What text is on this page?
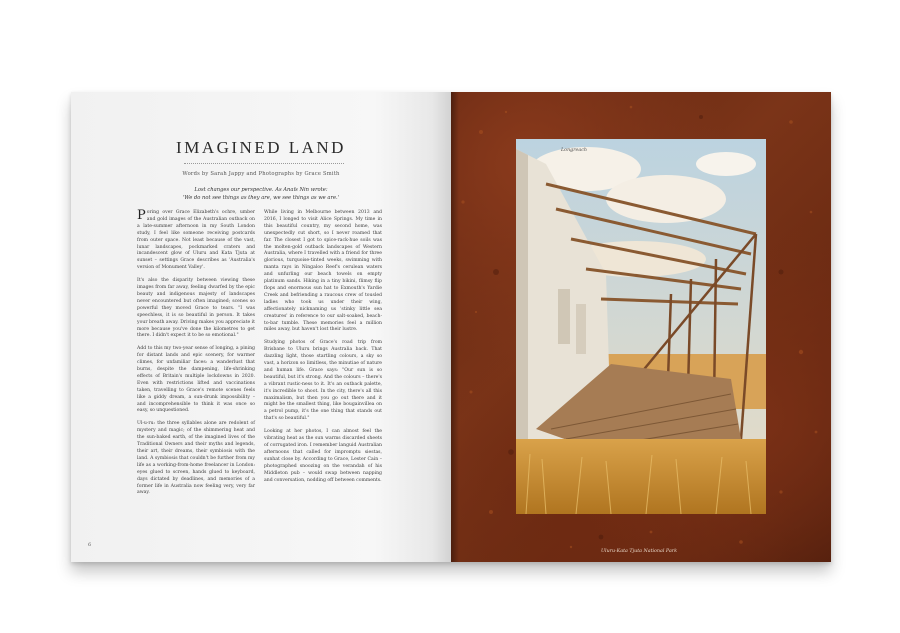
IMAGINED LAND
Words by Sarah Jappy and Photographs by Grace Smith
Lost changes our perspective. As Anaïs Nin wrote:
'We do not see things as they are, we see things as we are.'

Poring over Grace Elizabeth's ochre, umber and gold images of the Australian outback on a late-summer afternoon in my South London study, I feel like someone receiving postcards from outer space. Not least because of the vast, lunar landscapes, pockmarked craters and incandescent glow of Uluru and Kata Tjuta at sunset – settings Grace describes as 'Australia's version of Monument Valley'.

It's also the disparity between viewing these images from far away, feeling dwarfed by the epic beauty and indigenous majesty of landscapes never encountered but often imagined; scenes so powerful they moved Grace to tears. "I was speechless, it is so beautiful in person. It takes your breath away. Driving makes you appreciate it more because you've done the kilometres to get there. I didn't expect it to be so emotional."

Add to this my two-year sense of longing, a pining for distant lands and epic scenery, for warmer climes, for unfamiliar faces: a wanderlust that burns, despite the dampening, life-shrinking effects of Britain's multiple lockdowns in 2020. Even with restrictions lifted and vaccinations taken, travelling to Grace's remote scenes feels like a giddy dream, a sun-drunk impossibility – and incomprehensible to think it was once so easy, so unquestioned.

Ul-u-ru: the three syllables alone are redolent of mystery and magic; of the shimmering heat and the sun-baked earth, of the imagined lives of the Traditional Owners and their myths and legends, their art, their dreams, their symbiosis with the land. A symbiosis that couldn't be further from my life as a working-from-home freelancer in London: eyes glued to screen, hands glued to keyboard, days dictated by deadlines, and memories of a former life in Australia now feeling very, very far away.

While living in Melbourne between 2013 and 2016, I longed to visit Alice Springs. My time in this beautiful country, my second home, was unexpectedly cut short, so I never roamed that far. The closest I got to spice-rack-hue soils was the molten-gold outback landscapes of Western Australia, where I travelled with a friend for three glorious, turquoise-tinted weeks, swimming with manta rays in Ningaloo Reef's cerulean waters and unfurling our beach towels on empty platinum sands. Hiking in a tiny bikini, flimsy flip flops and enormous sun hat to Exmouth's Yardie Creek and befriending a raucous crew of tousled ladies who took us under their wing, affectionately nicknaming us 'stinky little sea creatures' in reference to our salt-soaked, beach-to-bar tumble. These memories feel a million miles away, but haven't lost their lustre.

Studying photos of Grace's road trip from Brisbane to Uluru brings Australia back. That dazzling light, those startling colours, a sky so vast, a horizon so limitless, the minutiae of nature and human life. Grace says: "Our sun is so beautiful, but it's strong. And the colours – there's a vibrant rustic-ness to it. It's an outback palette, it's incredible to shoot. In the city, there's all this maximalism, but then you go out there and it might be the smallest thing, like bougainvillea on a petrol pump, it's the one thing that stands out that's so beautiful."

Looking at her photos, I can almost feel the vibrating heat as the sun warms discarded sheets of corrugated iron. I remember languid Australian afternoons that called for impromptu siestas, sunhat close by. According to Grace, Lester Cain – photographed snoozing on the verandah of his Middleton pub – would swap between napping and conversation, nodding off between comments.

6
Longreach
Uluru-Kata Tjuta National Park
